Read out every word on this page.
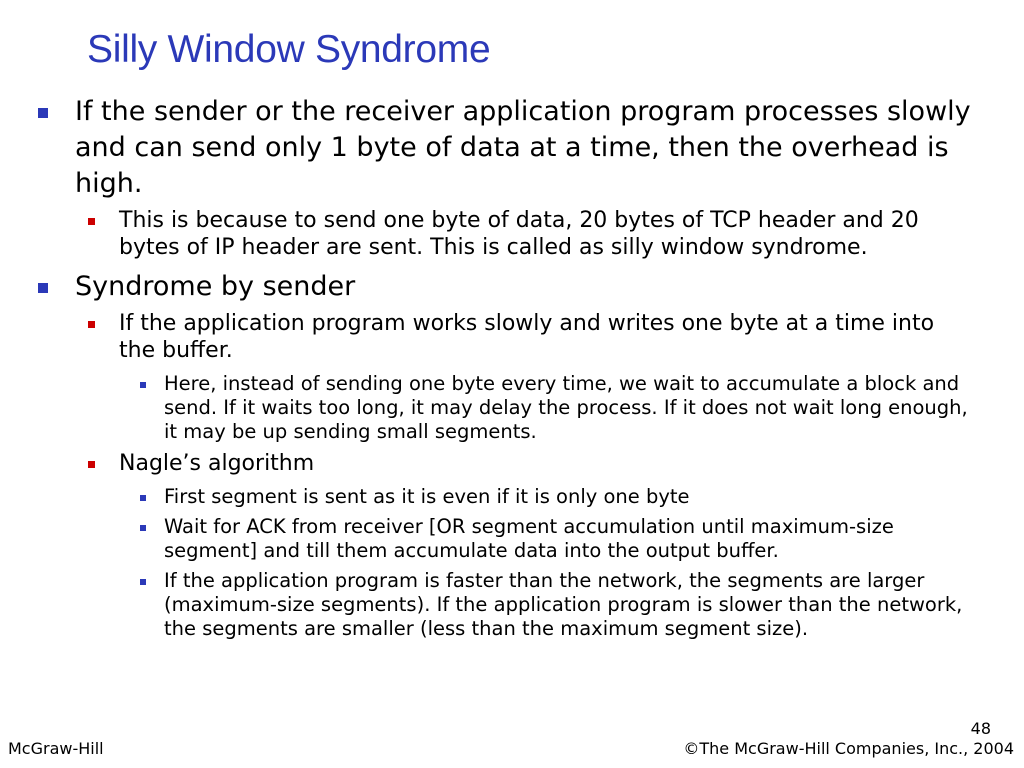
Silly Window Syndrome
If the sender or the receiver application program processes slowly and can send only 1 byte of data at a time, then the overhead is high.
This is because to send one byte of data, 20 bytes of TCP header and 20 bytes of IP header are sent. This is called as silly window syndrome.
Syndrome by sender
If the application program works slowly and writes one byte at a time into the buffer.
Here, instead of sending one byte every time, we wait to accumulate a block and send. If it waits too long, it may delay the process. If it does not wait long enough, it may be up sending small segments.
Nagle’s algorithm
First segment is sent as it is even if it is only one byte
Wait for ACK from receiver [OR segment accumulation until maximum-size segment] and till them accumulate data into the output buffer.
If the application program is faster than the network, the segments are larger (maximum-size segments). If the application program is slower than the network, the segments are smaller (less than the maximum segment size).
48
McGraw-Hill	©The McGraw-Hill Companies, Inc., 2004
